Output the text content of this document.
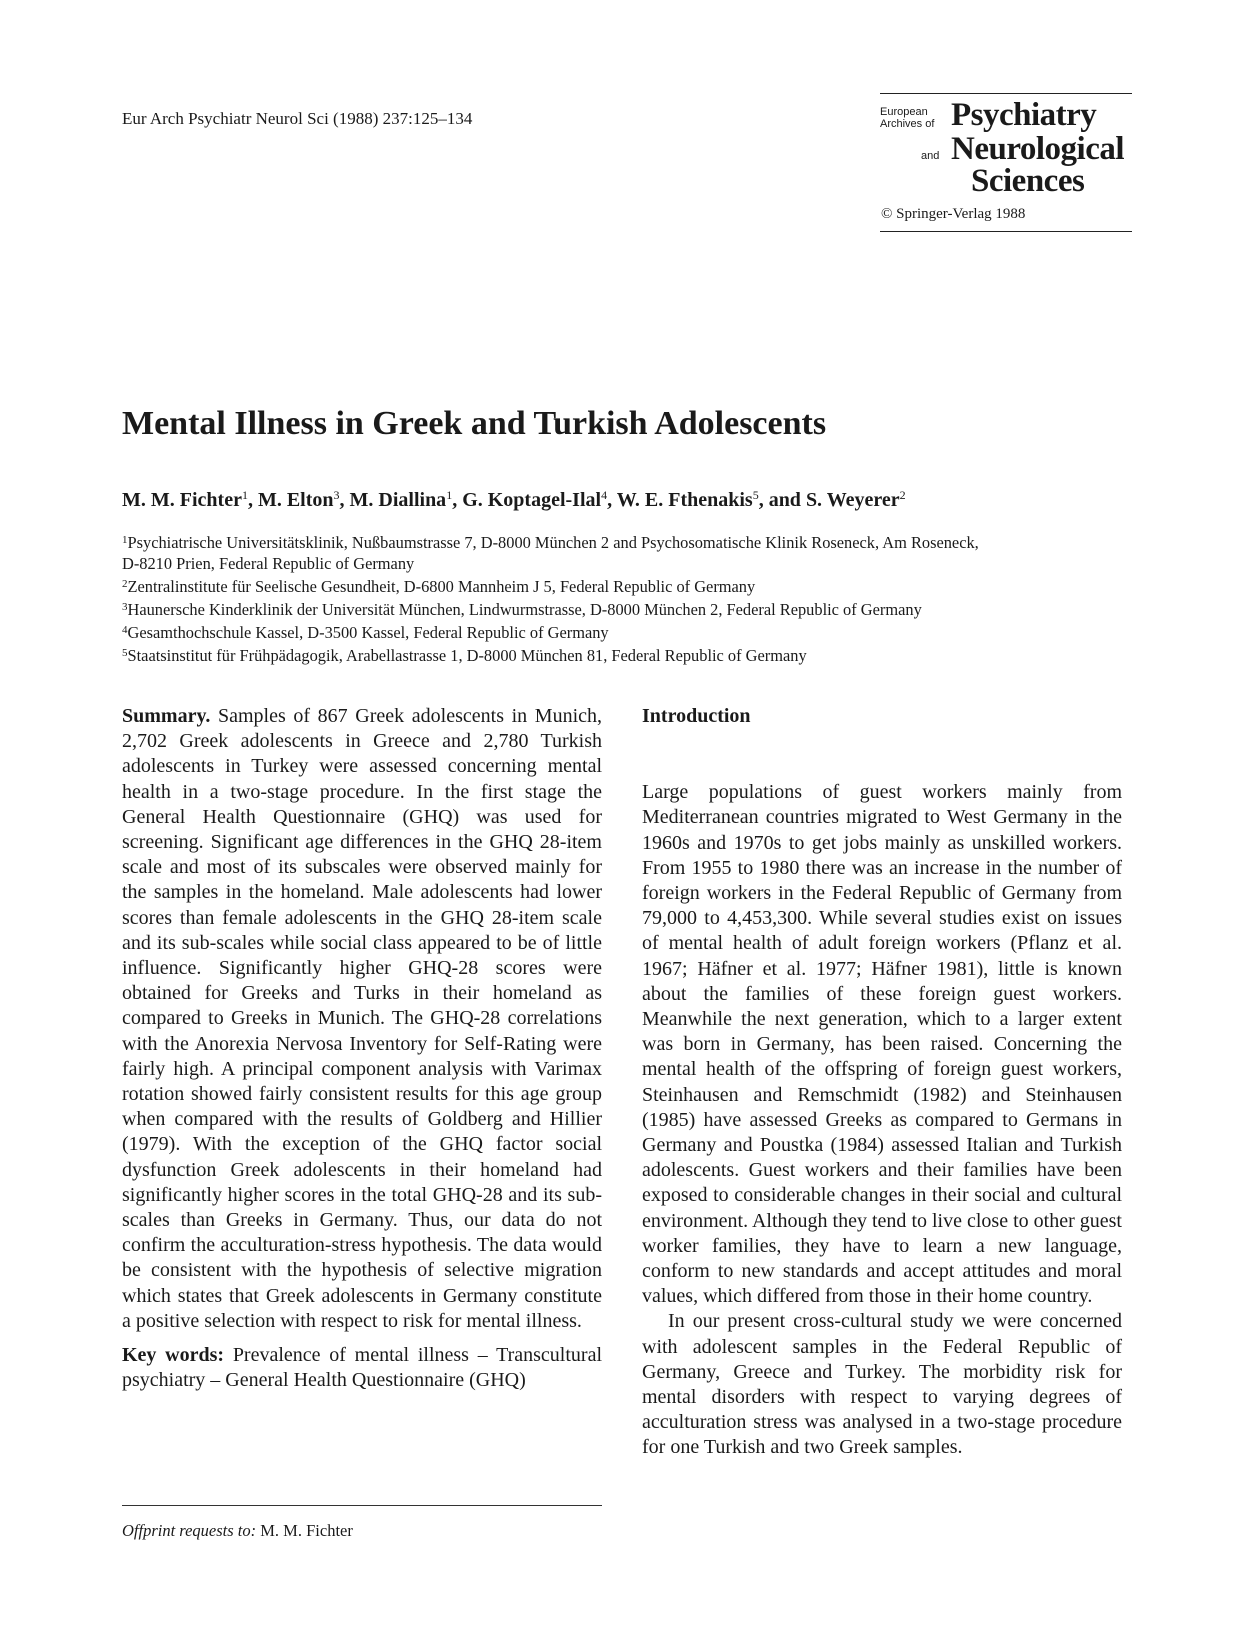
Eur Arch Psychiatr Neurol Sci (1988) 237:125–134	European
Archives of
and
Psychiatry
Neurological
Sciences
© Springer-Verlag 1988
Mental Illness in Greek and Turkish Adolescents
M. M. Fichter$^1$, M. Elton$^3$, M. Diallina$^1$, G. Koptagel-Ilal$^4$, W. E. Fthenakis$^5$, and S. Weyerer$^2$
$^1$Psychiatrische Universitätsklinik, Nußbaumstrasse 7, D-8000 München 2 and Psychosomatische Klinik Roseneck, Am Roseneck,
D-8210 Prien, Federal Republic of Germany
$^2$Zentralinstitute für Seelische Gesundheit, D-6800 Mannheim J 5, Federal Republic of Germany
$^3$Haunersche Kinderklinik der Universität München, Lindwurmstrasse, D-8000 München 2, Federal Republic of Germany
$^4$Gesamthochschule Kassel, D-3500 Kassel, Federal Republic of Germany
$^5$Staatsinstitut für Frühpädagogik, Arabellastrasse 1, D-8000 München 81, Federal Republic of Germany

Summary. Samples of 867 Greek adolescents in Munich, 2,702 Greek adolescents in Greece and 2,780 Turkish adolescents in Turkey were assessed concerning mental health in a two-stage procedure. In the first stage the General Health Questionnaire (GHQ) was used for screening. Significant age differences in the GHQ 28-item scale and most of its subscales were observed mainly for the samples in the homeland. Male adolescents had lower scores than female adolescents in the GHQ 28-item scale and its sub-scales while social class appeared to be of little influence. Significantly higher GHQ-28 scores were obtained for Greeks and Turks in their homeland as compared to Greeks in Munich. The GHQ-28 correlations with the Anorexia Nervosa Inventory for Self-Rating were fairly high. A principal component analysis with Varimax rotation showed fairly consistent results for this age group when compared with the results of Goldberg and Hillier (1979). With the exception of the GHQ factor social dysfunction Greek adolescents in their homeland had significantly higher scores in the total GHQ-28 and its sub-scales than Greeks in Germany. Thus, our data do not confirm the acculturation-stress hypothesis. The data would be consistent with the hypothesis of selective migration which states that Greek adolescents in Germany constitute a positive selection with respect to risk for mental illness.

Key words: Prevalence of mental illness – Transcultural psychiatry – General Health Questionnaire (GHQ)

Offprint requests to: M. M. Fichter
Introduction

Large populations of guest workers mainly from Mediterranean countries migrated to West Germany in the 1960s and 1970s to get jobs mainly as unskilled workers. From 1955 to 1980 there was an increase in the number of foreign workers in the Federal Republic of Germany from 79,000 to 4,453,300. While several studies exist on issues of mental health of adult foreign workers (Pflanz et al. 1967; Häfner et al. 1977; Häfner 1981), little is known about the families of these foreign guest workers. Meanwhile the next generation, which to a larger extent was born in Germany, has been raised. Concerning the mental health of the offspring of foreign guest workers, Steinhausen and Remschmidt (1982) and Steinhausen (1985) have assessed Greeks as compared to Germans in Germany and Poustka (1984) assessed Italian and Turkish adolescents. Guest workers and their families have been exposed to considerable changes in their social and cultural environment. Although they tend to live close to other guest worker families, they have to learn a new language, conform to new standards and accept attitudes and moral values, which differed from those in their home country.

In our present cross-cultural study we were concerned with adolescent samples in the Federal Republic of Germany, Greece and Turkey. The morbidity risk for mental disorders with respect to varying degrees of acculturation stress was analysed in a two-stage procedure for one Turkish and two Greek samples.
